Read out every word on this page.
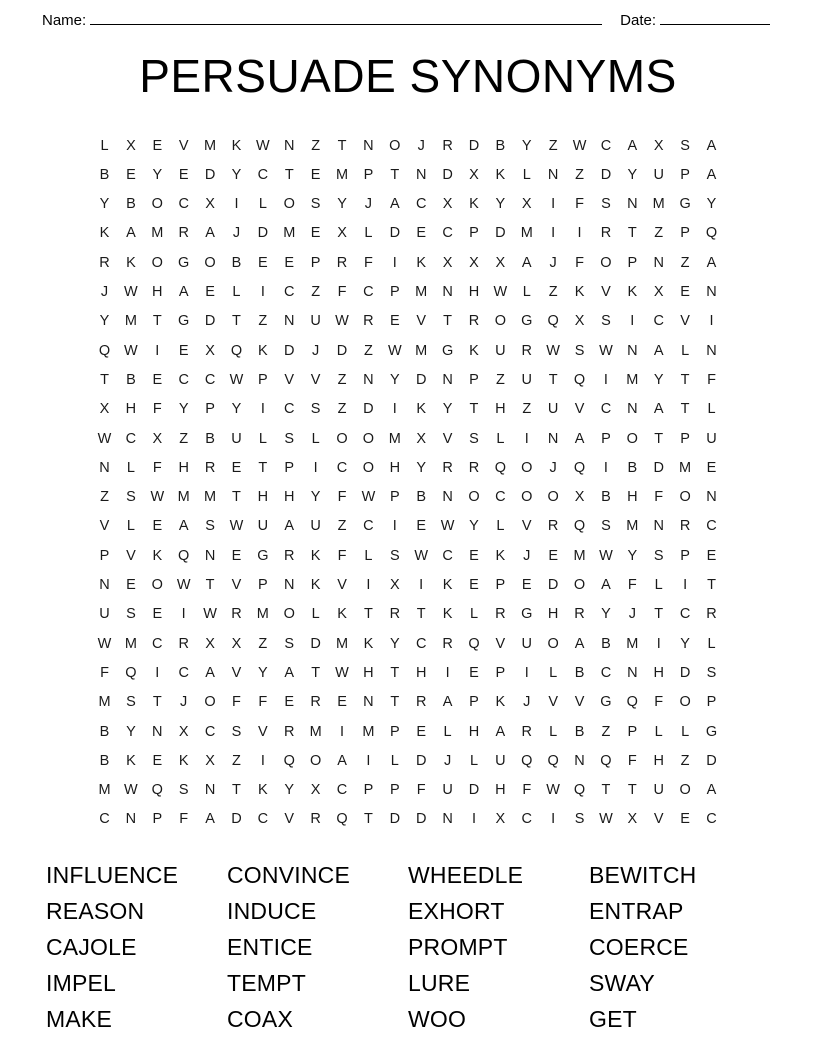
Name:	Date:
PERSUADE SYNONYMS
L	X	E	V	M	K	W N	Z	T	N	O	J	R	D	B	Y	Z	W C	A	X	S	A
B	E	Y	E	D	Y	C	T	E	M	P	T	N	D	X	K	L	N	Z	D	Y	U	P	A
Y	B	O	C	X	I	L	O	S	Y	J	A	C	X	K	Y	X	I	F	S	N	M	G	Y
K	A	M	R	A	J	D	M	E	X	L	D	E	C	P	D	M	I	I	R	T	Z	P	Q
R	K	O	G	O	B	E	E	P	R	F	I	K	X	X	X	A	J	F	O	P	N	Z	A
J	W H	A	E	L	I	C	Z	F	C	P	M	N	H W	L	Z	K	V	K	X	E	N
Y	M	T	G	D	T	Z	N	U W R	E	V	T	R	O	G	Q	X	S	I	C	V	I
Q W	I	E	X	Q	K	D	J	D	Z	W M	G	K	U	R W	S	W N	A	L	N
T	B	E	C	C W	P	V	V	Z	N	Y	D	N	P	Z	U	T	Q	I	M	Y	T	F
X	H	F	Y	P	Y	I	C	S	Z	D	I	K	Y	T	H	Z	U	V	C	N	A	T	L
W C	X	Z	B	U	L	S	L	O	O	M	X	V	S	L	I	N	A	P	O	T	P	U
N	L	F	H	R	E	T	P	I	C	O	H	Y	R	R	Q	O	J	Q	I	B	D	M	E
Z	S	W M M	T	H	H	Y	F	W	P	B	N	O	C	O	O	X	B	H	F	O	N
V	L	E	A	S	W U	A	U	Z	C	I	E	W	Y	L	V	R	Q	S	M	N	R	C
P	V	K	Q	N	E	G	R	K	F	L	S	W C	E	K	J	E	M W	Y	S	P	E
N	E	O W	T	V	P	N	K	V	I	X	I	K	E	P	E	D	O	A	F	L	I	T
U	S	E	I	W R	M	O	L	K	T	R	T	K	L	R	G	H	R	Y	J	T	C	R
W M	C	R	X	X	Z	S	D	M	K	Y	C	R	Q	V	U	O	A	B	M	I	Y	L
F	Q	I	C	A	V	Y	A	T	W H	T	H	I	E	P	I	L	B	C	N	H	D	S
M	S	T	J	O	F	F	E	R	E	N	T	R	A	P	K	J	V	V	G	Q	F	O	P
B	Y	N	X	C	S	V	R	M	I	M	P	E	L	H	A	R	L	B	Z	P	L	L	G
B	K	E	K	X	Z	I	Q	O	A	I	L	D	J	L	U	Q	Q	N	Q	F	H	Z	D
M W Q	S	N	T	K	Y	X	C	P	P	F	U	D	H	F	W Q	T	T	U	O	A
C	N	P	F	A	D	C	V	R	Q	T	D	D	N	I	X	C	I	S	W	X	V	E	C
INFLUENCE	CONVINCE	WHEEDLE	BEWITCH
REASON	INDUCE	EXHORT	ENTRAP
CAJOLE	ENTICE	PROMPT	COERCE
IMPEL	TEMPT	LURE	SWAY
MAKE	COAX	WOO	GET
